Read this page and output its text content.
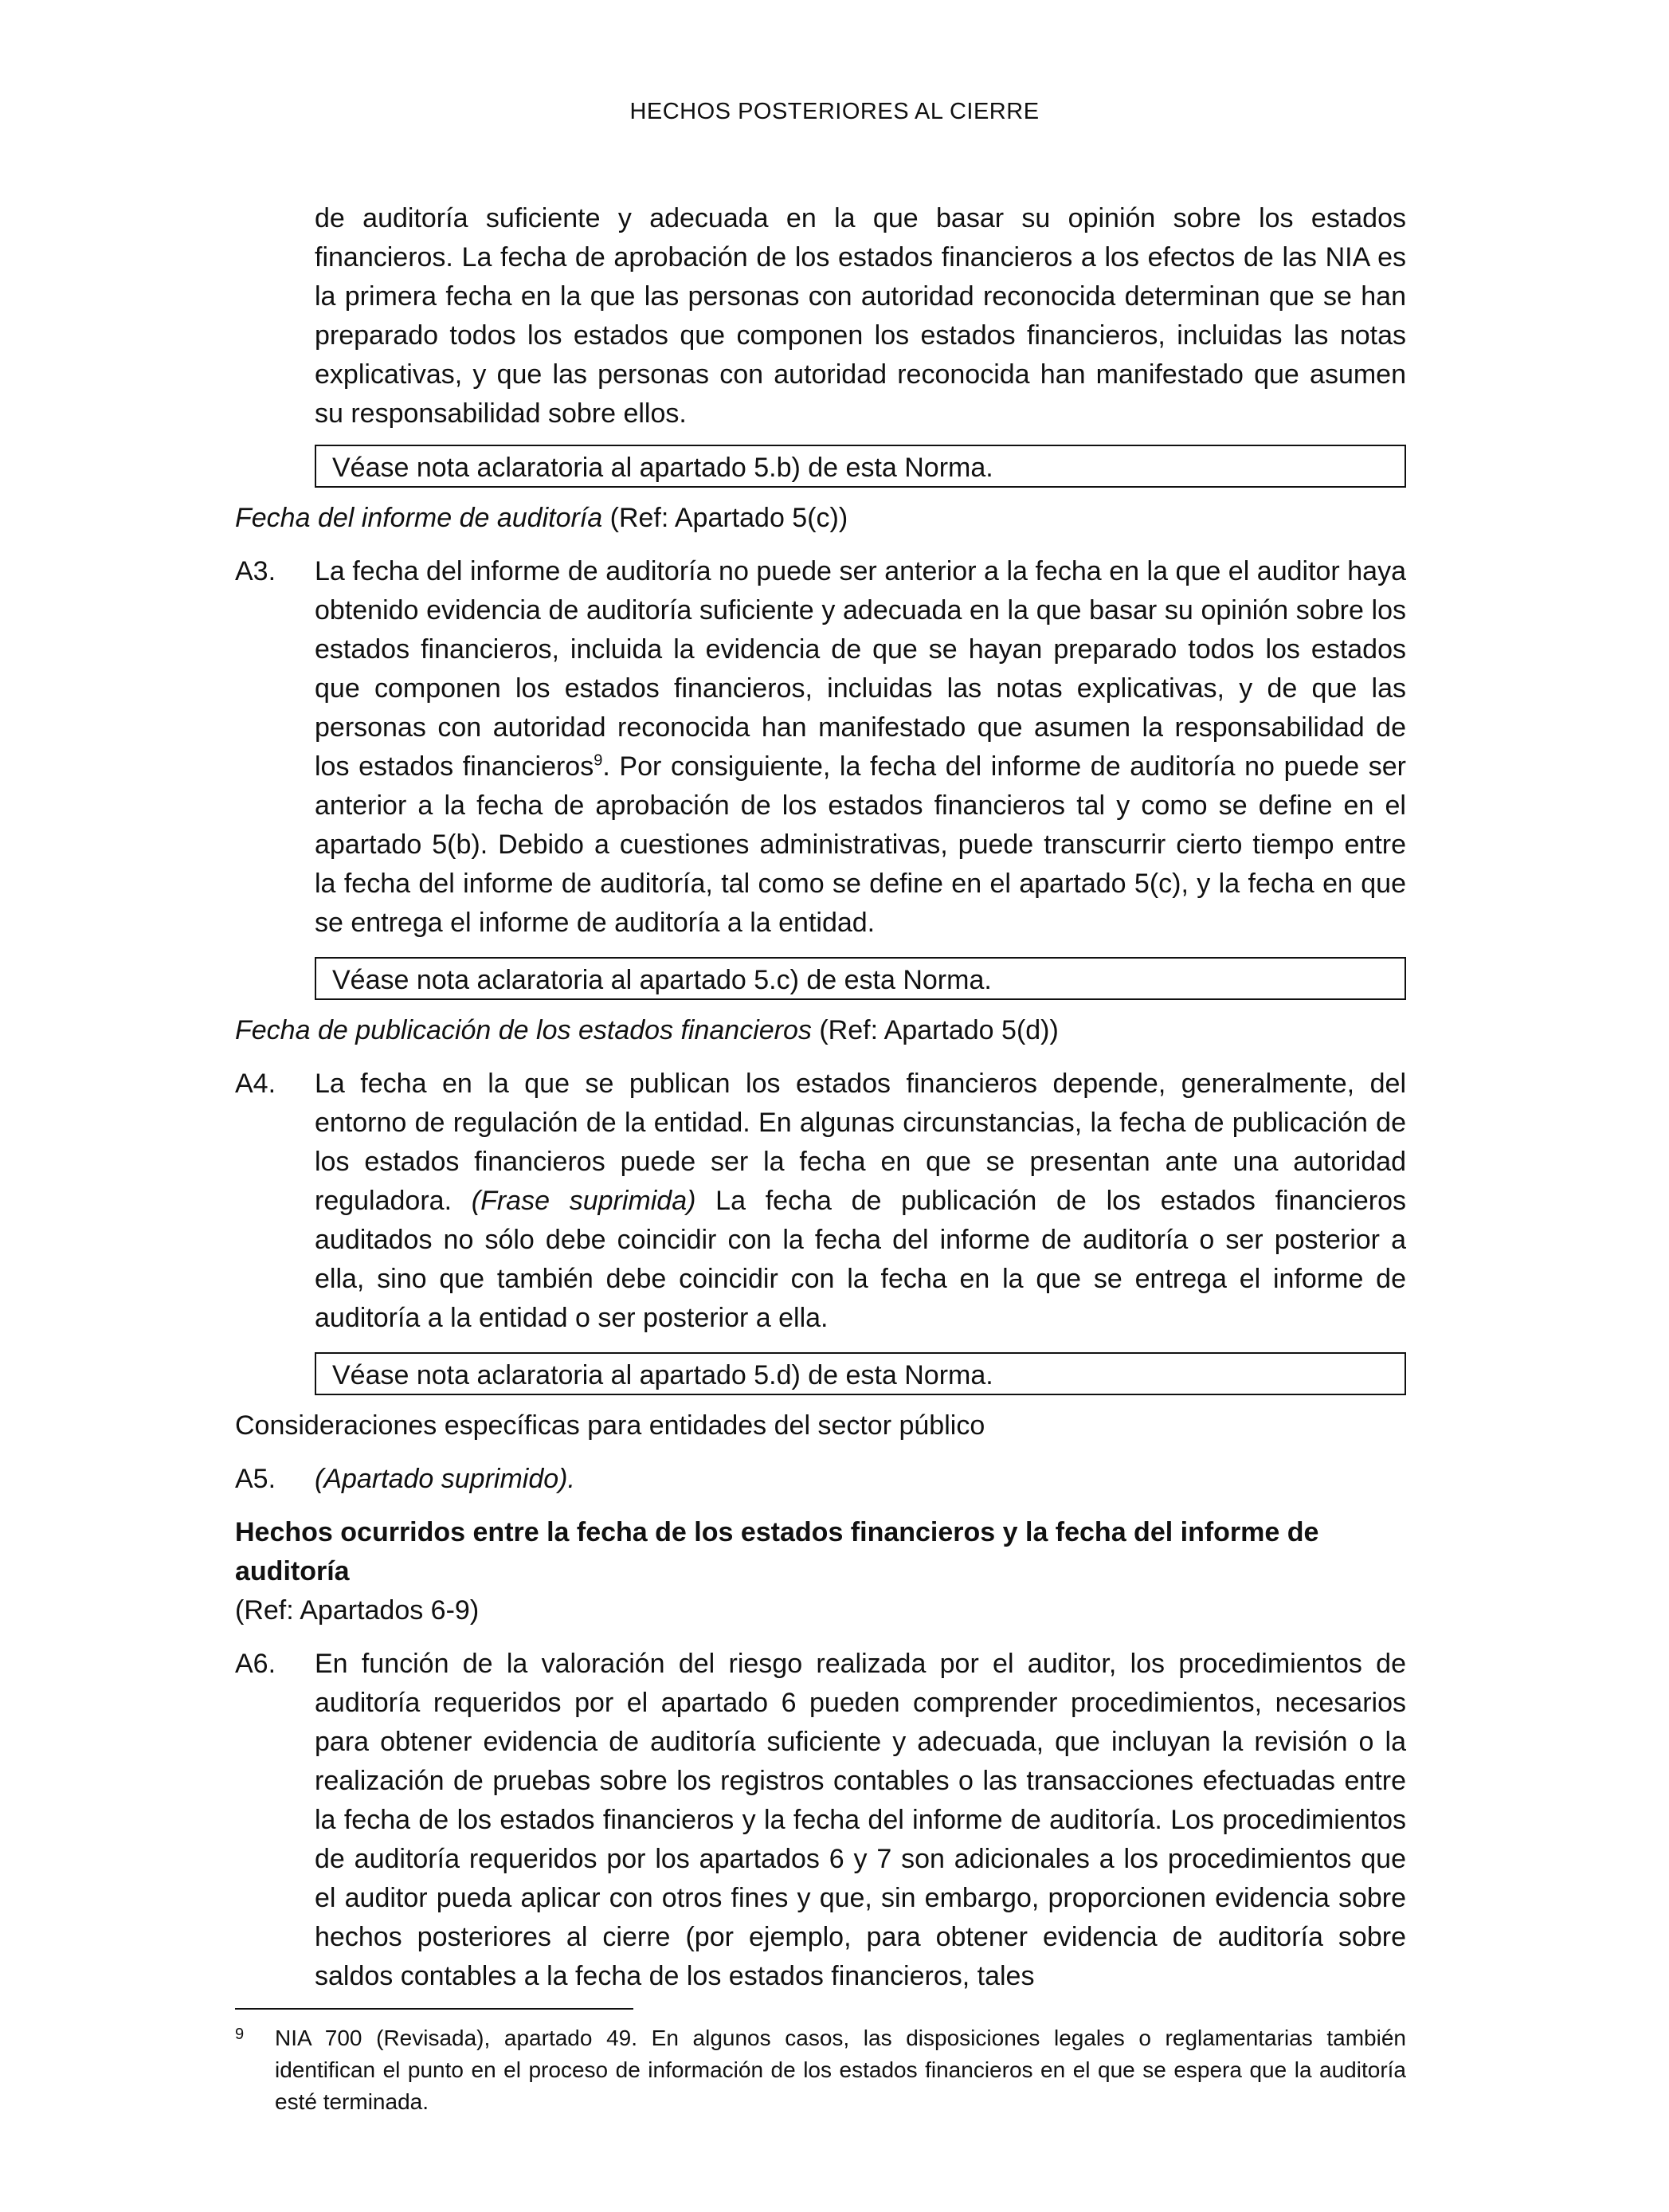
HECHOS POSTERIORES AL CIERRE
de auditoría suficiente y adecuada en la que basar su opinión sobre los estados financieros. La fecha de aprobación de los estados financieros a los efectos de las NIA es la primera fecha en la que las personas con autoridad reconocida determinan que se han preparado todos los estados que componen los estados financieros, incluidas las notas explicativas, y que las personas con autoridad reconocida han manifestado que asumen su responsabilidad sobre ellos.
Véase nota aclaratoria al apartado 5.b) de esta Norma.
Fecha del informe de auditoría (Ref: Apartado 5(c))
A3.	La fecha del informe de auditoría no puede ser anterior a la fecha en la que el auditor haya obtenido evidencia de auditoría suficiente y adecuada en la que basar su opinión sobre los estados financieros, incluida la evidencia de que se hayan preparado todos los estados que componen los estados financieros, incluidas las notas explicativas, y de que las personas con autoridad reconocida han manifestado que asumen la responsabilidad de los estados financieros$^9$. Por consiguiente, la fecha del informe de auditoría no puede ser anterior a la fecha de aprobación de los estados financieros tal y como se define en el apartado 5(b). Debido a cuestiones administrativas, puede transcurrir cierto tiempo entre la fecha del informe de auditoría, tal como se define en el apartado 5(c), y la fecha en que se entrega el informe de auditoría a la entidad.
Véase nota aclaratoria al apartado 5.c) de esta Norma.
Fecha de publicación de los estados financieros (Ref: Apartado 5(d))
A4.	La fecha en la que se publican los estados financieros depende, generalmente, del entorno de regulación de la entidad. En algunas circunstancias, la fecha de publicación de los estados financieros puede ser la fecha en que se presentan ante una autoridad reguladora. (Frase suprimida) La fecha de publicación de los estados financieros auditados no sólo debe coincidir con la fecha del informe de auditoría o ser posterior a ella, sino que también debe coincidir con la fecha en la que se entrega el informe de auditoría a la entidad o ser posterior a ella.
Véase nota aclaratoria al apartado 5.d) de esta Norma.
Consideraciones específicas para entidades del sector público
A5.	(Apartado suprimido).
Hechos ocurridos entre la fecha de los estados financieros y la fecha del informe de auditoría
(Ref: Apartados 6-9)
A6.	En función de la valoración del riesgo realizada por el auditor, los procedimientos de auditoría requeridos por el apartado 6 pueden comprender procedimientos, necesarios para obtener evidencia de auditoría suficiente y adecuada, que incluyan la revisión o la realización de pruebas sobre los registros contables o las transacciones efectuadas entre la fecha de los estados financieros y la fecha del informe de auditoría. Los procedimientos de auditoría requeridos por los apartados 6 y 7 son adicionales a los procedimientos que el auditor pueda aplicar con otros fines y que, sin embargo, proporcionen evidencia sobre hechos posteriores al cierre (por ejemplo, para obtener evidencia de auditoría sobre saldos contables a la fecha de los estados financieros, tales
9	NIA 700 (Revisada), apartado 49. En algunos casos, las disposiciones legales o reglamentarias también identifican el punto en el proceso de información de los estados financieros en el que se espera que la auditoría esté terminada.
